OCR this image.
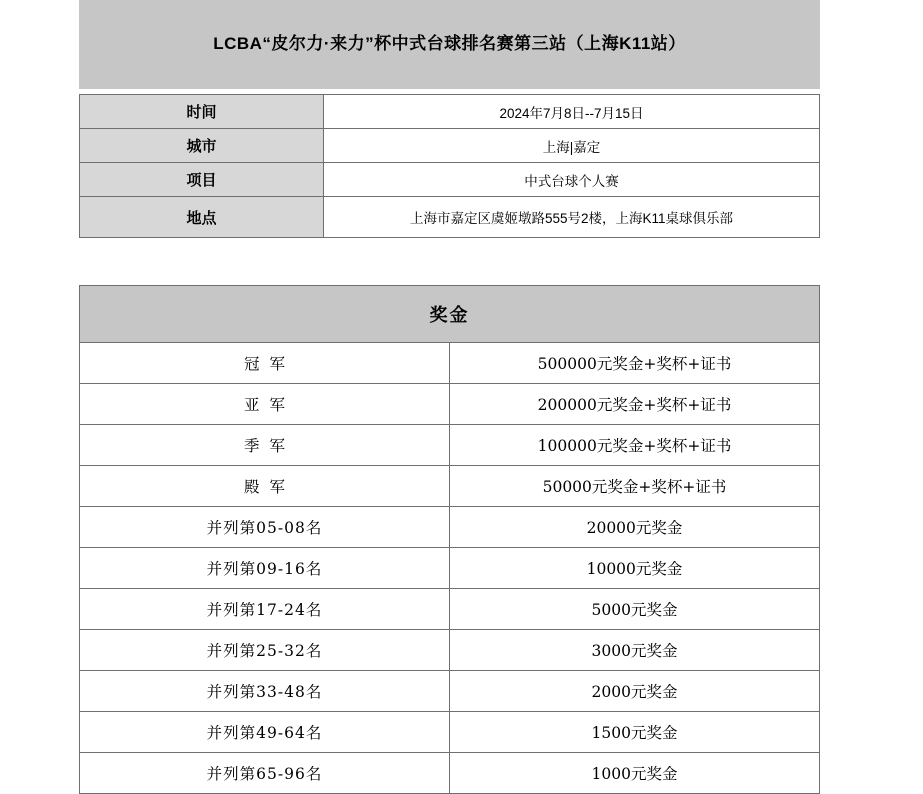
LCBA“皮尔力·来力”杯中式台球排名赛第三站（上海K11站）
时间	2024年7月8日--7月15日
城市	上海|嘉定
项目	中式台球个人赛
地点	上海市嘉定区虞姬墩路555号2楼，上海K11桌球俱乐部
奖金	
冠军	500000元奖金+奖杯+证书
亚军	200000元奖金+奖杯+证书
季军	100000元奖金+奖杯+证书
殿军	50000元奖金+奖杯+证书
并列第05-08名	20000元奖金
并列第09-16名	10000元奖金
并列第17-24名	5000元奖金
并列第25-32名	3000元奖金
并列第33-48名	2000元奖金
并列第49-64名	1500元奖金
并列第65-96名	1000元奖金
